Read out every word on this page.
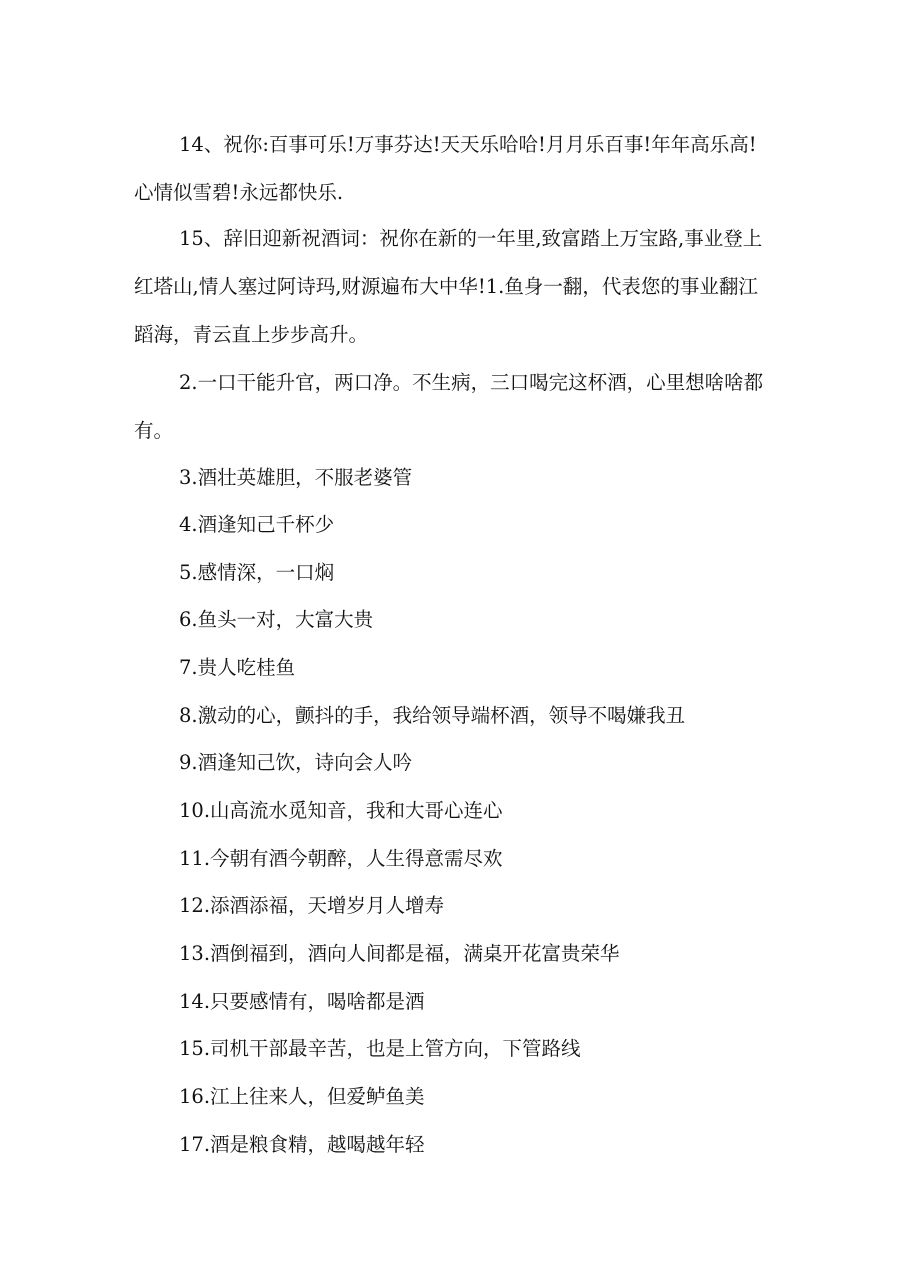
14、祝你:百事可乐!万事芬达!天天乐哈哈!月月乐百事!年年高乐高!心情似雪碧!永远都快乐.

15、辞旧迎新祝酒词：祝你在新的一年里,致富踏上万宝路,事业登上红塔山,情人塞过阿诗玛,财源遍布大中华!1.鱼身一翻，代表您的事业翻江蹈海，青云直上步步高升。

2.一口干能升官，两口净。不生病，三口喝完这杯酒，心里想啥啥都有。

3.酒壮英雄胆，不服老婆管

4.酒逢知己千杯少

5.感情深，一口焖

6.鱼头一对，大富大贵

7.贵人吃桂鱼

8.激动的心，颤抖的手，我给领导端杯酒，领导不喝嫌我丑

9.酒逢知己饮，诗向会人吟

10.山高流水觅知音，我和大哥心连心

11.今朝有酒今朝醉，人生得意需尽欢

12.添酒添福，天增岁月人增寿

13.酒倒福到，酒向人间都是福，满桌开花富贵荣华

14.只要感情有，喝啥都是酒

15.司机干部最辛苦，也是上管方向，下管路线

16.江上往来人，但爱鲈鱼美

17.酒是粮食精，越喝越年轻
